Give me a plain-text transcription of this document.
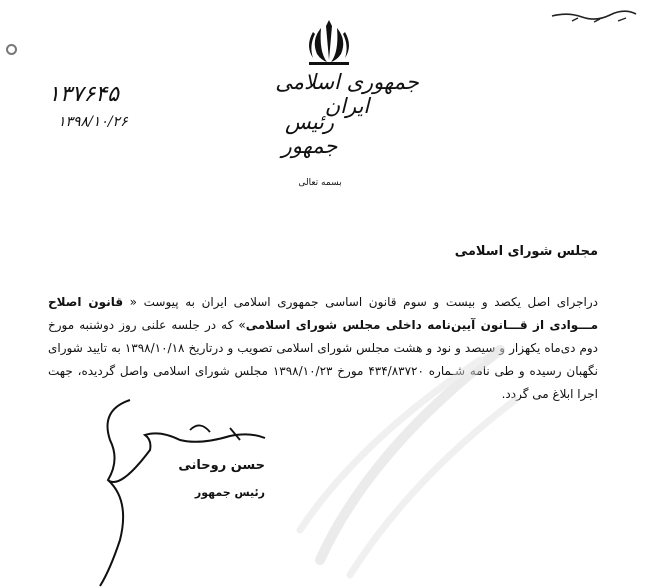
جمهوری اسلامی ایران
رئیس جمهور
۱۳۷۶۴۵
۱۳۹۸/۱۰/۲۶
بسمه تعالی
مجلس شورای اسلامی
دراجرای اصل یکصد و بیست و سوم قانون اساسی جمهوری اسلامی ایران به پیوست « قانون اصلاح مـــوادی از قـــانون آیین‌نامه داخلی مجلس شورای اسلامی» که در جلسه علنی روز دوشنبه مورخ دوم دی‌ماه یکهزار و سیصد و نود و هشت مجلس شورای اسلامی تصویب و درتاریخ ۱۳۹۸/۱۰/۱۸ به تایید شورای نگهبان رسیده و طی نامه شـماره ۴۳۴/۸۳۷۲۰ مورخ ۱۳۹۸/۱۰/۲۳ مجلس شورای اسلامی واصل گردیده، جهت اجرا ابلاغ می گردد.
حسن روحانی
رئیس جمهور
